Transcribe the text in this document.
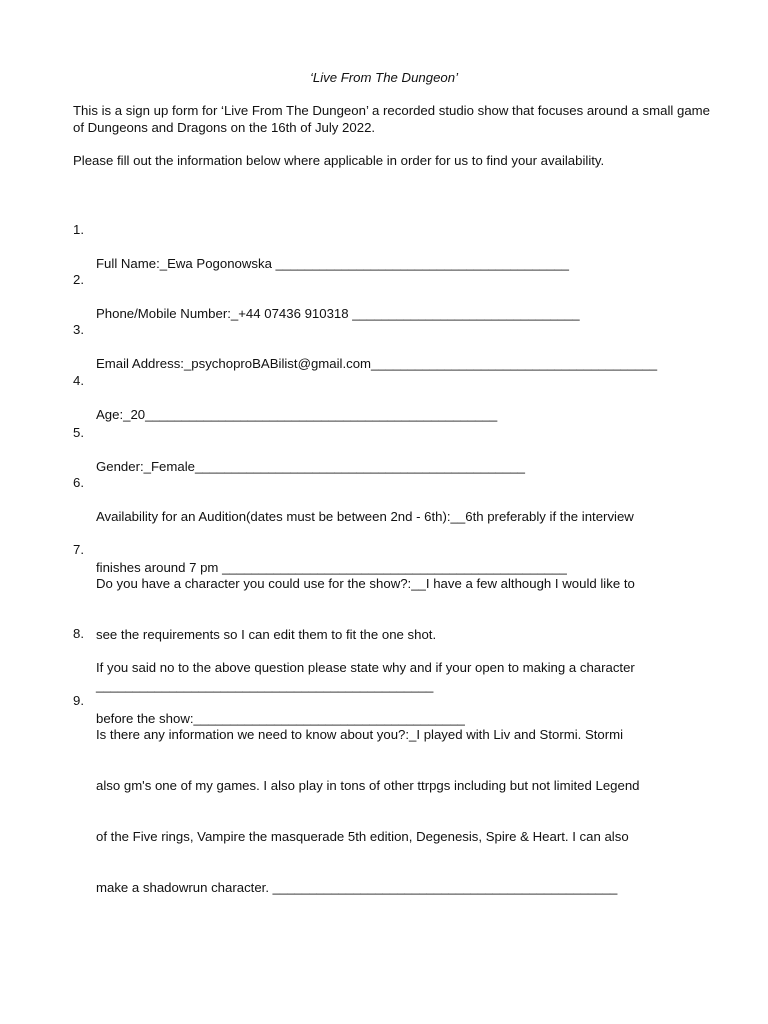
‘Live From The Dungeon’

This is a sign up form for ‘Live From The Dungeon’ a recorded studio show that focuses around a small game of Dungeons and Dragons on the 16th of July 2022.

Please fill out the information below where applicable in order for us to find your availability.

1.

Full Name:_Ewa Pogonowska ________________________________________

2.

Phone/Mobile Number:_+44 07436 910318 _______________________________

3.

Email Address:_psychoproBABilist@gmail.com_______________________________________

4.

Age:_20________________________________________________

5.

Gender:_Female_____________________________________________

6.

Availability for an Audition(dates must be between 2nd - 6th):__6th preferably if the interview

finishes around 7 pm _______________________________________________

7.

Do you have a character you could use for the show?:__I have a few although I would like to

see the requirements so I can edit them to fit the one shot.

______________________________________________

8.

If you said no to the above question please state why and if your open to making a character

before the show:_____________________________________

9.

Is there any information we need to know about you?:_I played with Liv and Stormi. Stormi

also gm's one of my games. I also play in tons of other ttrpgs including but not limited Legend

of the Five rings, Vampire the masquerade 5th edition, Degenesis, Spire & Heart. I can also

make a shadowrun character. _______________________________________________
